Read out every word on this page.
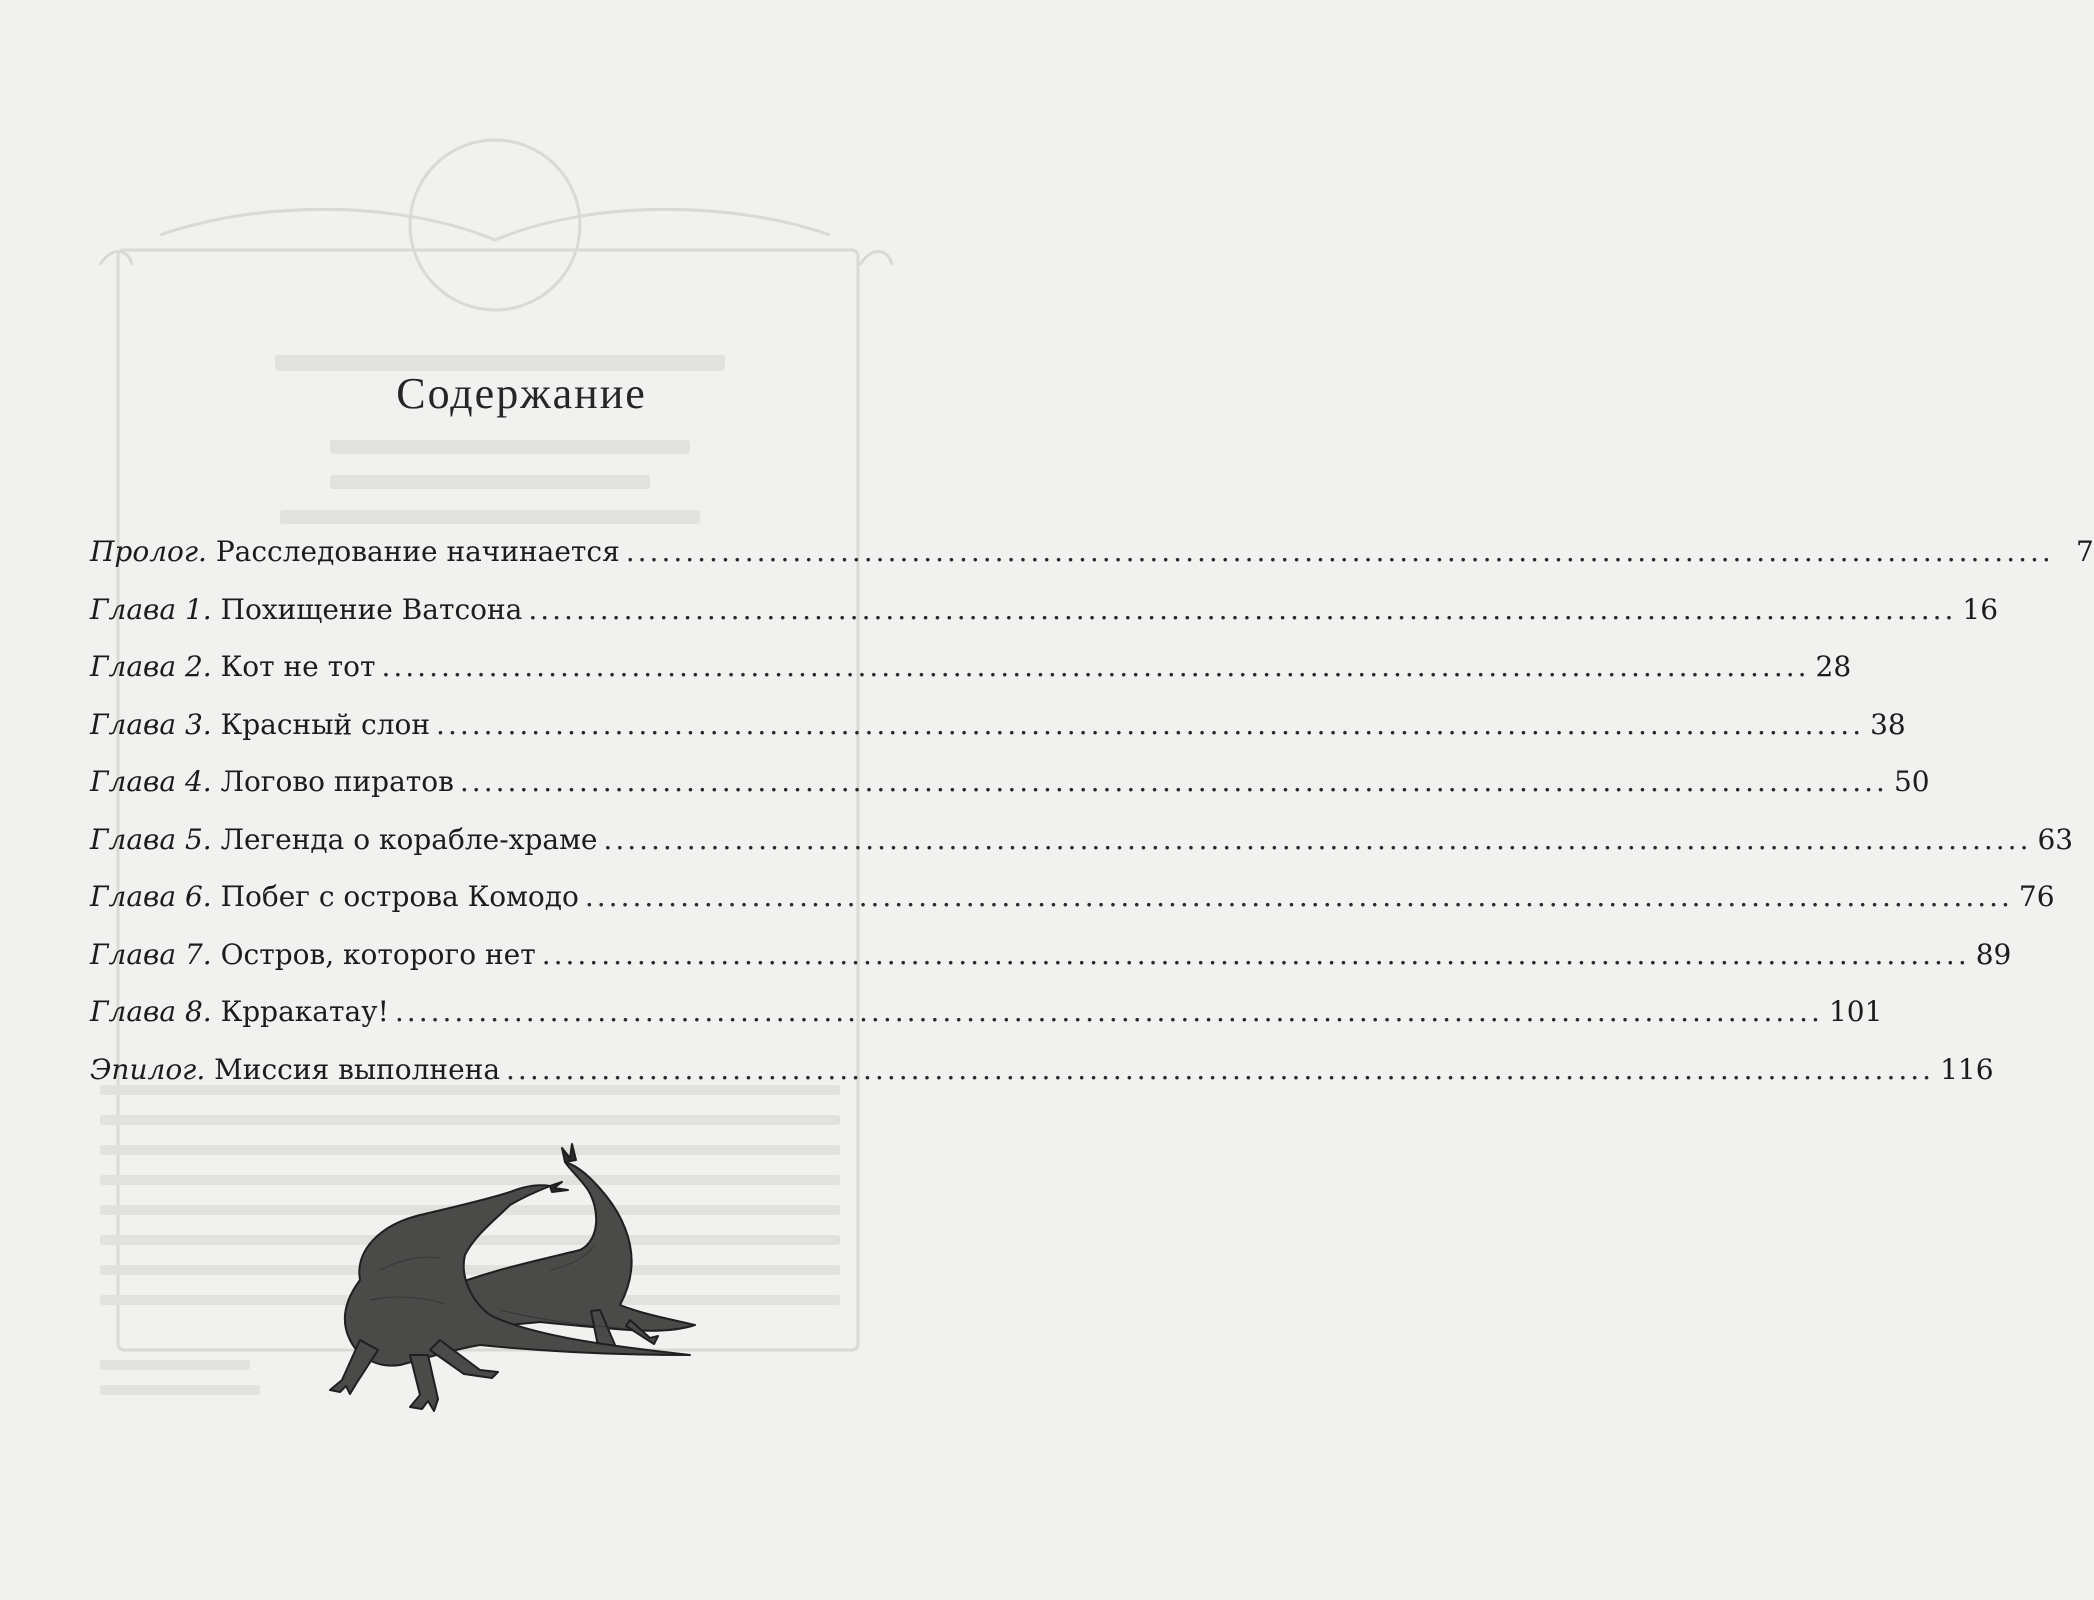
Содержание
Пролог. Расследование начинается ........................................................................................................................ 7
Глава 1. Похищение Ватсона ........................................................................................................................ 16
Глава 2. Кот не тот ........................................................................................................................ 28
Глава 3. Красный слон ........................................................................................................................ 38
Глава 4. Логово пиратов ........................................................................................................................ 50
Глава 5. Легенда о корабле-храме ........................................................................................................................ 63
Глава 6. Побег с острова Комодо ........................................................................................................................ 76
Глава 7. Остров, которого нет ........................................................................................................................ 89
Глава 8. Крракатау! ........................................................................................................................ 101
Эпилог. Миссия выполнена ........................................................................................................................ 116
